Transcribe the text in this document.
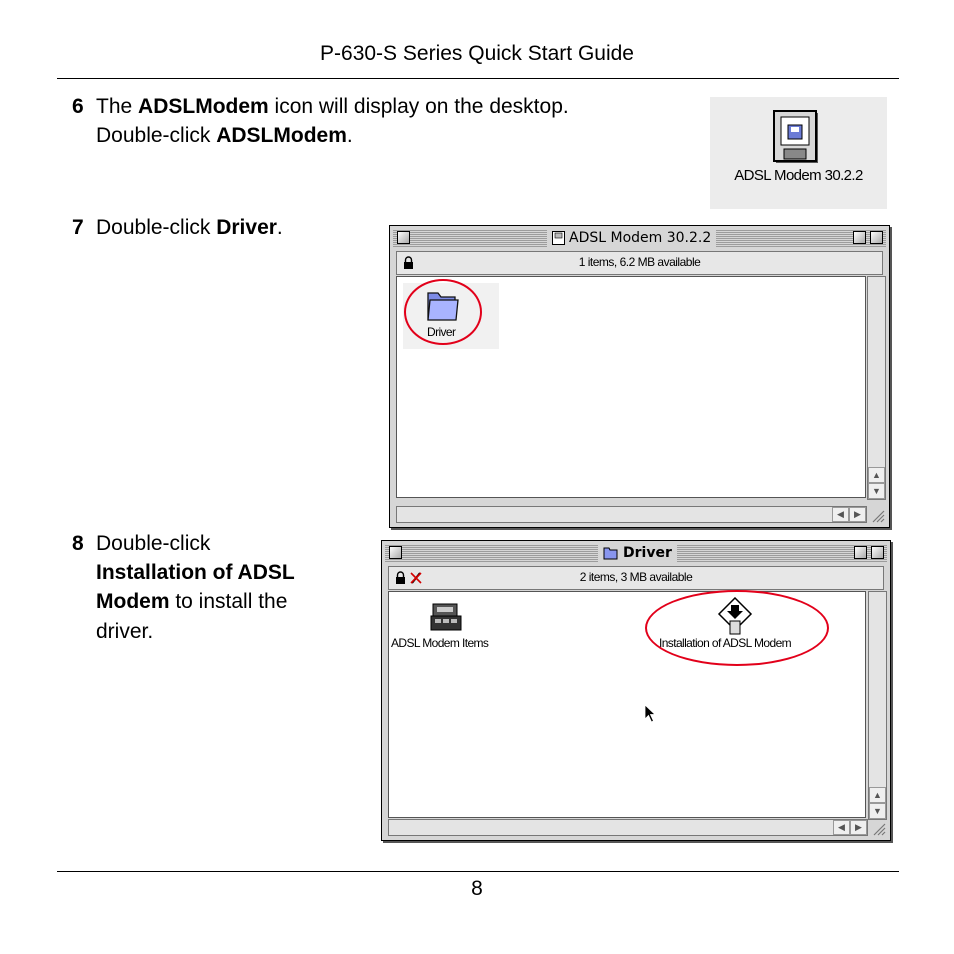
P-630-S Series Quick Start Guide
6 The ADSLModem icon will display on the desktop.
Double-click ADSLModem.
ADSL Modem 30.2.2
7 Double-click Driver.	ADSL Modem 30.2.2
1 items, 6.2 MB available
Driver
▲
▼
◀	▶
8 Double-click
Installation of ADSL
Modem to install the
driver.
Driver
2 items, 3 MB available
ADSL Modem Items	Installation of ADSL Modem
▲
▼
◀	▶
8
